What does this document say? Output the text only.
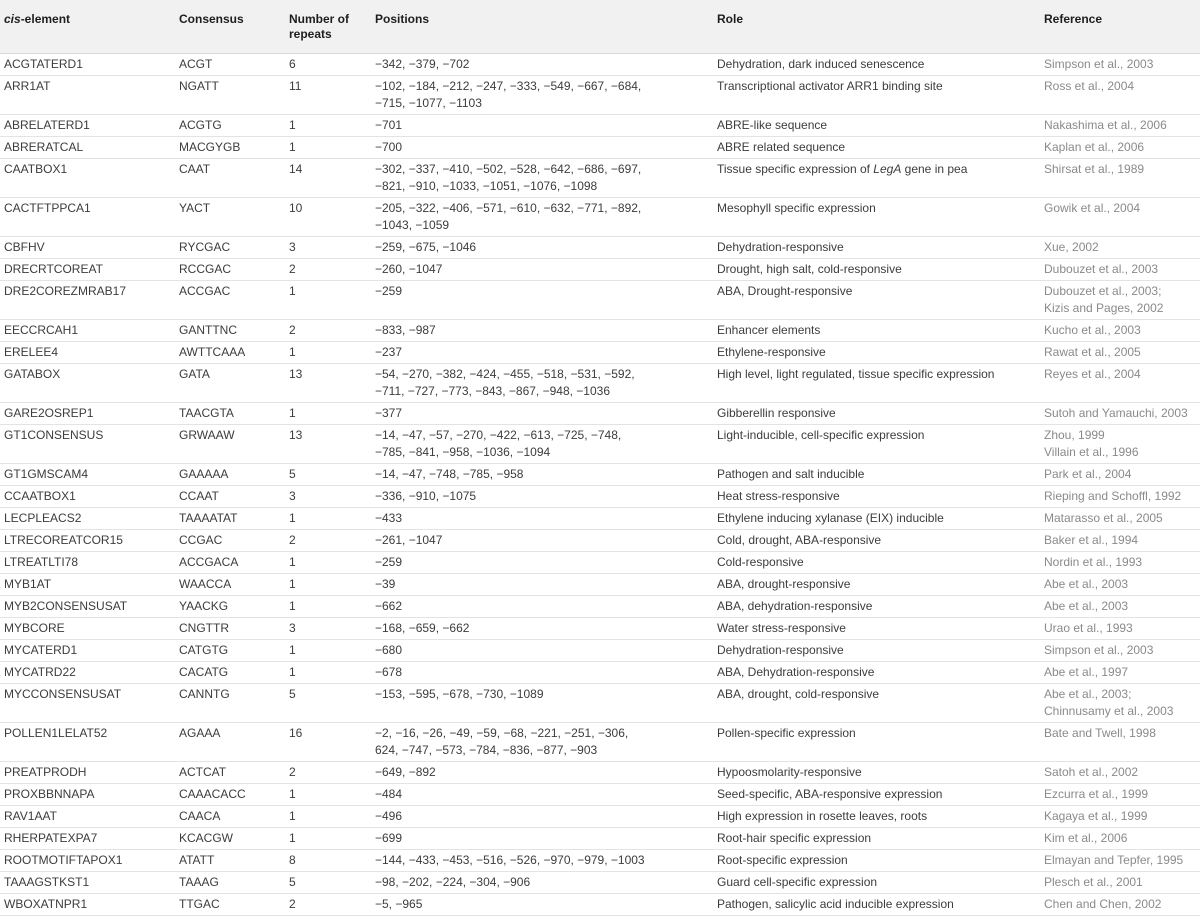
cis-element	Consensus	Number of repeats	Positions	Role	Reference
ACGTATERD1	ACGT	6	−342, −379, −702	Dehydration, dark induced senescence	Simpson et al., 2003

ARR1AT	NGATT	11	−102, −184, −212, −247, −333, −549, −667, −684,
−715, −1077, −1103	Transcriptional activator ARR1 binding site	Ross et al., 2004

ABRELATERD1	ACGTG	1	−701	ABRE-like sequence	Nakashima et al., 2006

ABRERATCAL	MACGYGB	1	−700	ABRE related sequence	Kaplan et al., 2006

CAATBOX1	CAAT	14	−302, −337, −410, −502, −528, −642, −686, −697,
−821, −910, −1033, −1051, −1076, −1098	Tissue specific expression of LegA gene in pea	Shirsat et al., 1989

CACTFTPPCA1	YACT	10	−205, −322, −406, −571, −610, −632, −771, −892,
−1043, −1059	Mesophyll specific expression	Gowik et al., 2004

CBFHV	RYCGAC	3	−259, −675, −1046	Dehydration-responsive	Xue, 2002

DRECRTCOREAT	RCCGAC	2	−260, −1047	Drought, high salt, cold-responsive	Dubouzet et al., 2003

DRE2COREZMRAB17	ACCGAC	1	−259	ABA, Drought-responsive	Dubouzet et al., 2003;
Kizis and Pages, 2002

EECCRCAH1	GANTTNC	2	−833, −987	Enhancer elements	Kucho et al., 2003

ERELEE4	AWTTCAAA	1	−237	Ethylene-responsive	Rawat et al., 2005

GATABOX	GATA	13	−54, −270, −382, −424, −455, −518, −531, −592,
−711, −727, −773, −843, −867, −948, −1036	High level, light regulated, tissue specific expression	Reyes et al., 2004

GARE2OSREP1	TAACGTA	1	−377	Gibberellin responsive	Sutoh and Yamauchi, 2003

GT1CONSENSUS	GRWAAW	13	−14, −47, −57, −270, −422, −613, −725, −748,
−785, −841, −958, −1036, −1094	Light-inducible, cell-specific expression	Zhou, 1999
Villain et al., 1996

GT1GMSCAM4	GAAAAA	5	−14, −47, −748, −785, −958	Pathogen and salt inducible	Park et al., 2004

CCAATBOX1	CCAAT	3	−336, −910, −1075	Heat stress-responsive	Rieping and Schoffl, 1992

LECPLEACS2	TAAAATAT	1	−433	Ethylene inducing xylanase (EIX) inducible	Matarasso et al., 2005

LTRECOREATCOR15	CCGAC	2	−261, −1047	Cold, drought, ABA-responsive	Baker et al., 1994

LTREATLTI78	ACCGACA	1	−259	Cold-responsive	Nordin et al., 1993

MYB1AT	WAACCA	1	−39	ABA, drought-responsive	Abe et al., 2003

MYB2CONSENSUSAT	YAACKG	1	−662	ABA, dehydration-responsive	Abe et al., 2003

MYBCORE	CNGTTR	3	−168, −659, −662	Water stress-responsive	Urao et al., 1993

MYCATERD1	CATGTG	1	−680	Dehydration-responsive	Simpson et al., 2003

MYCATRD22	CACATG	1	−678	ABA, Dehydration-responsive	Abe et al., 1997

MYCCONSENSUSAT	CANNTG	5	−153, −595, −678, −730, −1089	ABA, drought, cold-responsive	Abe et al., 2003;
Chinnusamy et al., 2003

POLLEN1LELAT52	AGAAA	16	−2, −16, −26, −49, −59, −68, −221, −251, −306,
624, −747, −573, −784, −836, −877, −903	Pollen-specific expression	Bate and Twell, 1998

PREATPRODH	ACTCAT	2	−649, −892	Hypoosmolarity-responsive	Satoh et al., 2002

PROXBBNNAPA	CAAACACC	1	−484	Seed-specific, ABA-responsive expression	Ezcurra et al., 1999

RAV1AAT	CAACA	1	−496	High expression in rosette leaves, roots	Kagaya et al., 1999

RHERPATEXPA7	KCACGW	1	−699	Root-hair specific expression	Kim et al., 2006

ROOTMOTIFTAPOX1	ATATT	8	−144, −433, −453, −516, −526, −970, −979, −1003	Root-specific expression	Elmayan and Tepfer, 1995

TAAAGSTKST1	TAAAG	5	−98, −202, −224, −304, −906	Guard cell-specific expression	Plesch et al., 2001

WBOXATNPR1	TTGAC	2	−5, −965	Pathogen, salicylic acid inducible expression	Chen and Chen, 2002
